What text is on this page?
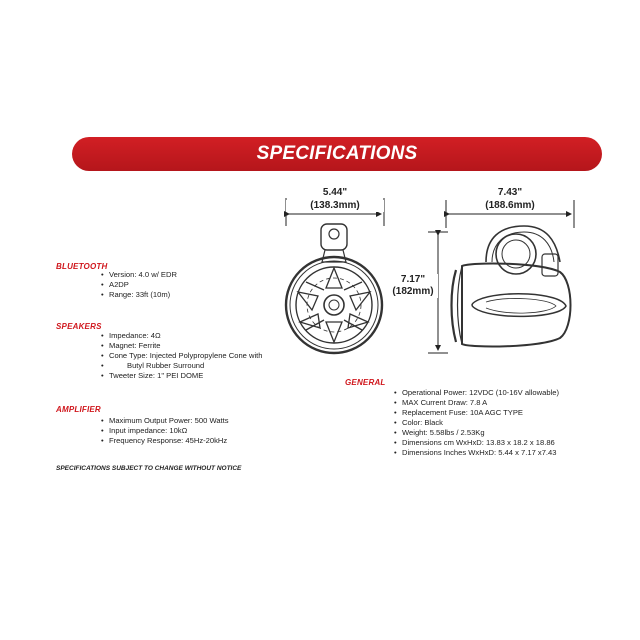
SPECIFICATIONS
5.44"
(138.3mm)
7.43"
(188.6mm)
7.17"
(182mm)
BLUETOOTH
• Version: 4.0 w/ EDR
• A2DP
• Range: 33ft (10m)
SPEAKERS
• Impedance: 4Ω
• Magnet: Ferrite
• Cone Type: Injected Polypropylene Cone with
• Butyl Rubber Surround
• Tweeter Size: 1" PEI DOME
AMPLIFIER
• Maximum Output Power: 500 Watts
• Input impedance: 10kΩ
• Frequency Response: 45Hz-20kHz
GENERAL
• Operational Power: 12VDC (10-16V allowable)
• MAX Current Draw: 7.8 A
• Replacement Fuse: 10A AGC TYPE
• Color: Black
• Weight: 5.58lbs / 2.53Kg
• Dimensions cm WxHxD: 13.83 x 18.2 x 18.86
• Dimensions Inches WxHxD: 5.44 x 7.17 x7.43
SPECIFICATIONS SUBJECT TO CHANGE WITHOUT NOTICE
